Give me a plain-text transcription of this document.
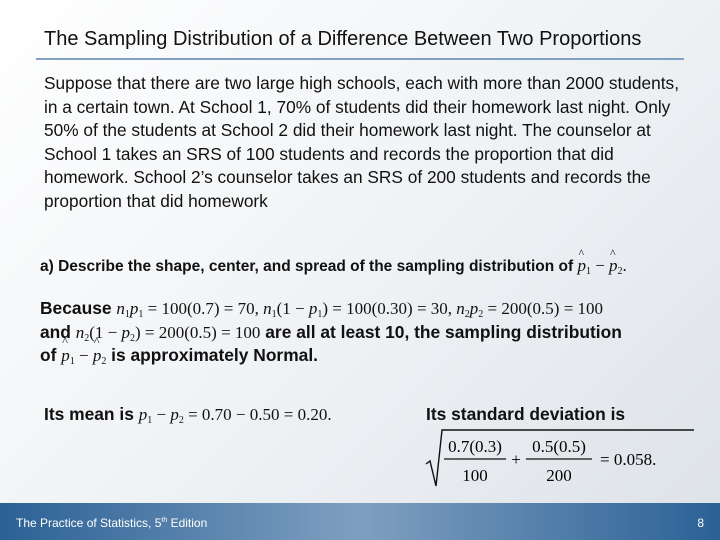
The Sampling Distribution of a Difference Between Two Proportions
Suppose that there are two large high schools, each with more than 2000 students, in a certain town. At School 1, 70% of students did their homework last night. Only 50% of the students at School 2 did their homework last night. The counselor at School 1 takes an SRS of 100 students and records the proportion that did homework. School 2’s counselor takes an SRS of 200 students and records the proportion that did homework
a) Describe the shape, center, and spread of the sampling distribution of ^ $p_1$ − ^ $p_2$.
Because $n_1p_1 = 100(0.7) = 70$, $n_1(1 - p_1) = 100(0.30) = 30$, $n_2p_2 = 200(0.5) = 100$
and $n_2(1 - p_2) = 200(0.5) = 100$ are all at least 10, the sampling distribution
of ^ $p_1$ − ^ $p_2$ is approximately Normal.
Its mean is $p_1 - p_2 = 0.70 - 0.50 = 0.20$.	Its standard deviation is
0.7(0.3)
100
+
0.5(0.5)
200
= 0.058.
The Practice of Statistics, 5th Edition	8
